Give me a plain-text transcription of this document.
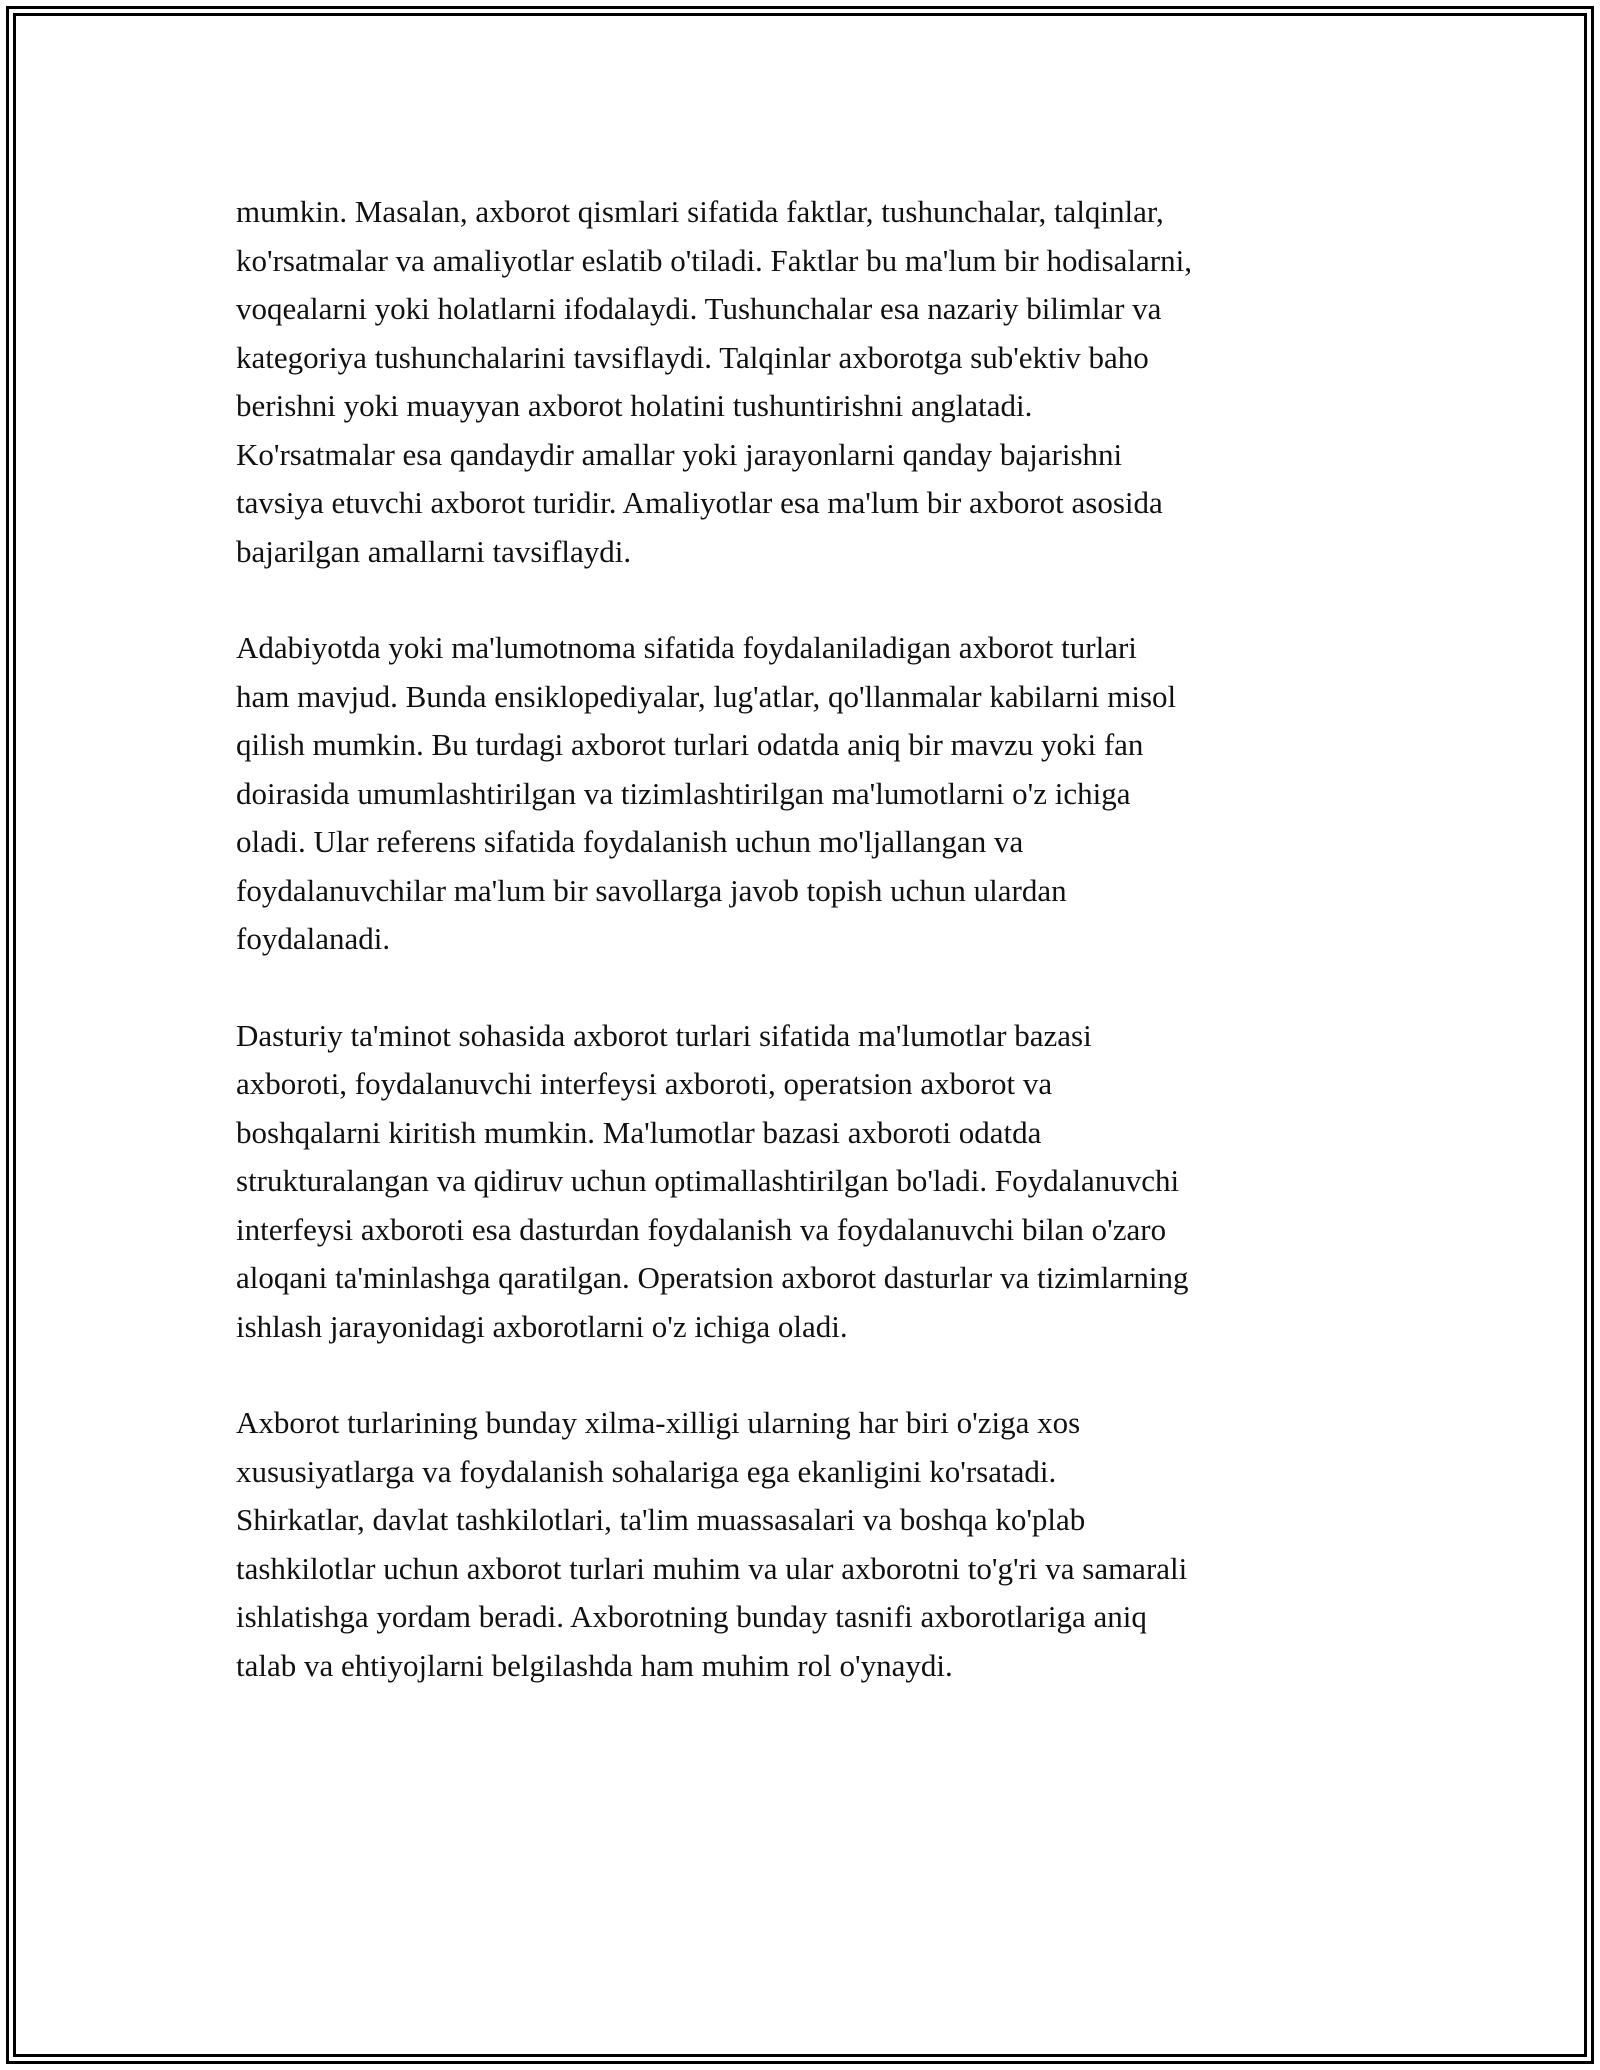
mumkin. Masalan, axborot qismlari sifatida faktlar, tushunchalar, talqinlar,
ko'rsatmalar va amaliyotlar eslatib o'tiladi. Faktlar bu ma'lum bir hodisalarni,
voqealarni yoki holatlarni ifodalaydi. Tushunchalar esa nazariy bilimlar va
kategoriya tushunchalarini tavsiflaydi. Talqinlar axborotga sub'ektiv baho
berishni yoki muayyan axborot holatini tushuntirishni anglatadi.
Ko'rsatmalar esa qandaydir amallar yoki jarayonlarni qanday bajarishni
tavsiya etuvchi axborot turidir. Amaliyotlar esa ma'lum bir axborot asosida
bajarilgan amallarni tavsiflaydi.

Adabiyotda yoki ma'lumotnoma sifatida foydalaniladigan axborot turlari
ham mavjud. Bunda ensiklopediyalar, lug'atlar, qo'llanmalar kabilarni misol
qilish mumkin. Bu turdagi axborot turlari odatda aniq bir mavzu yoki fan
doirasida umumlashtirilgan va tizimlashtirilgan ma'lumotlarni o'z ichiga
oladi. Ular referens sifatida foydalanish uchun mo'ljallangan va
foydalanuvchilar ma'lum bir savollarga javob topish uchun ulardan
foydalanadi.

Dasturiy ta'minot sohasida axborot turlari sifatida ma'lumotlar bazasi
axboroti, foydalanuvchi interfeysi axboroti, operatsion axborot va
boshqalarni kiritish mumkin. Ma'lumotlar bazasi axboroti odatda
strukturalangan va qidiruv uchun optimallashtirilgan bo'ladi. Foydalanuvchi
interfeysi axboroti esa dasturdan foydalanish va foydalanuvchi bilan o'zaro
aloqani ta'minlashga qaratilgan. Operatsion axborot dasturlar va tizimlarning
ishlash jarayonidagi axborotlarni o'z ichiga oladi.

Axborot turlarining bunday xilma-xilligi ularning har biri o'ziga xos
xususiyatlarga va foydalanish sohalariga ega ekanligini ko'rsatadi.
Shirkatlar, davlat tashkilotlari, ta'lim muassasalari va boshqa ko'plab
tashkilotlar uchun axborot turlari muhim va ular axborotni to'g'ri va samarali
ishlatishga yordam beradi. Axborotning bunday tasnifi axborotlariga aniq
talab va ehtiyojlarni belgilashda ham muhim rol o'ynaydi.
